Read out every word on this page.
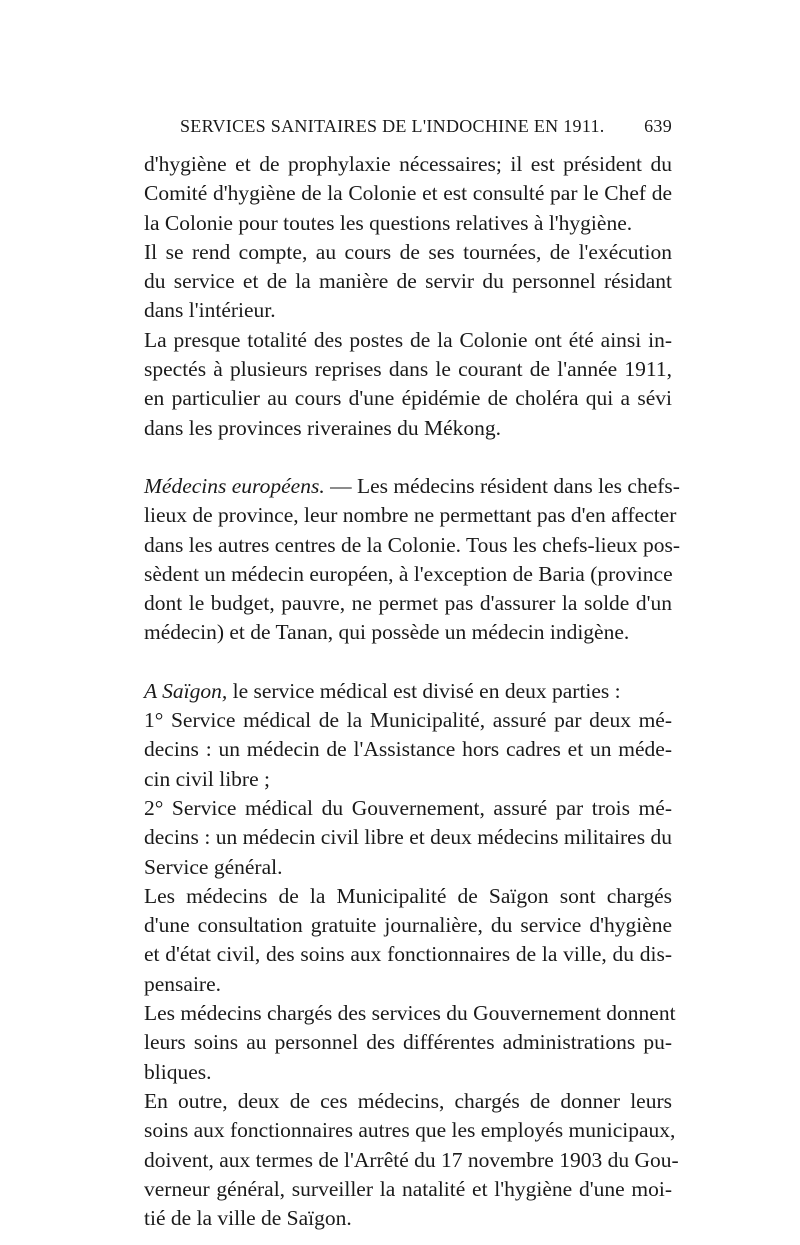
SERVICES SANITAIRES DE L'INDOCHINE EN 1911. 639

d'hygiène et de prophylaxie nécessaires; il est président du
Comité d'hygiène de la Colonie et est consulté par le Chef de
la Colonie pour toutes les questions relatives à l'hygiène.

Il se rend compte, au cours de ses tournées, de l'exécution
du service et de la manière de servir du personnel résidant
dans l'intérieur.

La presque totalité des postes de la Colonie ont été ainsi in-
spectés à plusieurs reprises dans le courant de l'année 1911,
en particulier au cours d'une épidémie de choléra qui a sévi
dans les provinces riveraines du Mékong.

Médecins européens. — Les médecins résident dans les chefs-
lieux de province, leur nombre ne permettant pas d'en affecter
dans les autres centres de la Colonie. Tous les chefs-lieux pos-
sèdent un médecin européen, à l'exception de Baria (province
dont le budget, pauvre, ne permet pas d'assurer la solde d'un
médecin) et de Tanan, qui possède un médecin indigène.

A Saïgon, le service médical est divisé en deux parties :
1° Service médical de la Municipalité, assuré par deux mé-
decins : un médecin de l'Assistance hors cadres et un méde-
cin civil libre ;
2° Service médical du Gouvernement, assuré par trois mé-
decins : un médecin civil libre et deux médecins militaires du
Service général.

Les médecins de la Municipalité de Saïgon sont chargés
d'une consultation gratuite journalière, du service d'hygiène
et d'état civil, des soins aux fonctionnaires de la ville, du dis-
pensaire.

Les médecins chargés des services du Gouvernement donnent
leurs soins au personnel des différentes administrations pu-
bliques.

En outre, deux de ces médecins, chargés de donner leurs
soins aux fonctionnaires autres que les employés municipaux,
doivent, aux termes de l'Arrêté du 17 novembre 1903 du Gou-
verneur général, surveiller la natalité et l'hygiène d'une moi-
tié de la ville de Saïgon.
